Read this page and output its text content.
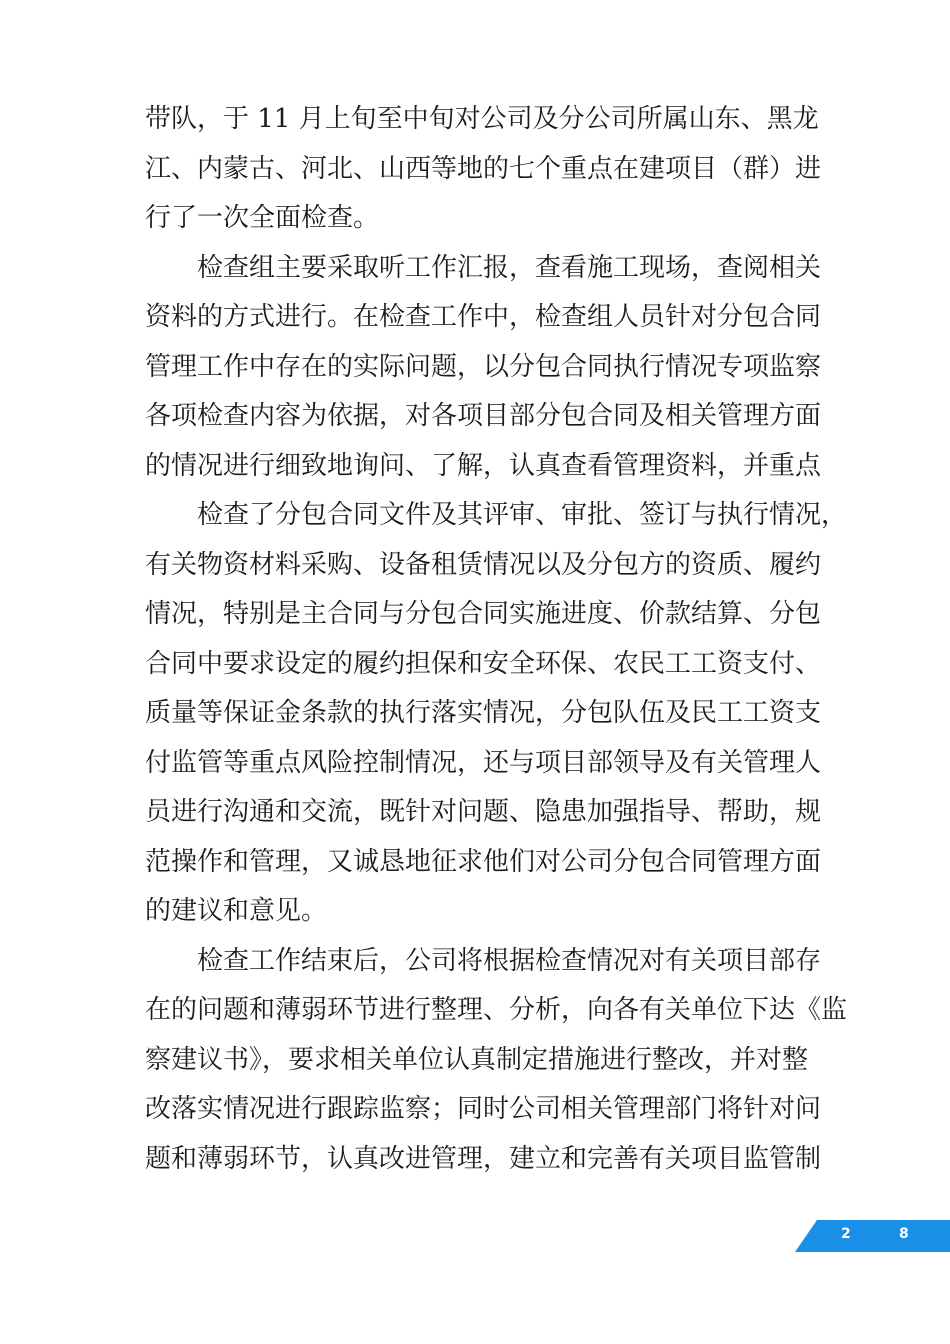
带队，于 11 月上旬至中旬对公司及分公司所属山东、黑龙
江、内蒙古、河北、山西等地的七个重点在建项目（群）进
行了一次全面检查。

检查组主要采取听工作汇报，查看施工现场，查阅相关
资料的方式进行。在检查工作中，检查组人员针对分包合同
管理工作中存在的实际问题，以分包合同执行情况专项监察
各项检查内容为依据，对各项目部分包合同及相关管理方面
的情况进行细致地询问、了解，认真查看管理资料，并重点

检查了分包合同文件及其评审、审批、签订与执行情况，
有关物资材料采购、设备租赁情况以及分包方的资质、履约
情况，特别是主合同与分包合同实施进度、价款结算、分包
合同中要求设定的履约担保和安全环保、农民工工资支付、
质量等保证金条款的执行落实情况，分包队伍及民工工资支
付监管等重点风险控制情况，还与项目部领导及有关管理人
员进行沟通和交流，既针对问题、隐患加强指导、帮助，规
范操作和管理，又诚恳地征求他们对公司分包合同管理方面
的建议和意见。

检查工作结束后，公司将根据检查情况对有关项目部存
在的问题和薄弱环节进行整理、分析，向各有关单位下达《监
察建议书》，要求相关单位认真制定措施进行整改，并对整
改落实情况进行跟踪监察；同时公司相关管理部门将针对问
题和薄弱环节，认真改进管理，建立和完善有关项目监管制

2	8
